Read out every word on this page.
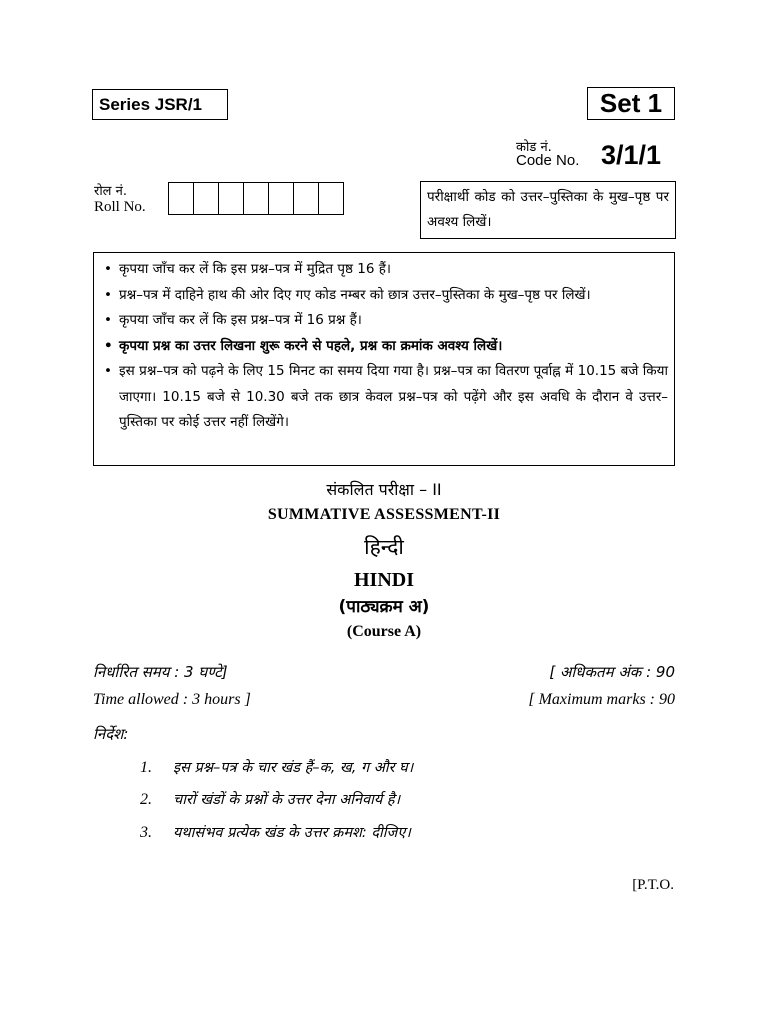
Series JSR/1	Set 1
कोड नं.
Code No. 3/1/1
रोल नं.
Roll No.
परीक्षार्थी कोड को उत्तर–पुस्तिका के मुख–पृष्ठ पर अवश्य लिखें।
• कृपया जाँच कर लें कि इस प्रश्न–पत्र में मुद्रित पृष्ठ 16 हैं।
• प्रश्न–पत्र में दाहिने हाथ की ओर दिए गए कोड नम्बर को छात्र उत्तर–पुस्तिका के मुख–पृष्ठ पर लिखें।
• कृपया जाँच कर लें कि इस प्रश्न–पत्र में 16 प्रश्न हैं।
• कृपया प्रश्न का उत्तर लिखना शुरू करने से पहले, प्रश्न का क्रमांक अवश्य लिखें।
• इस प्रश्न–पत्र को पढ़ने के लिए 15 मिनट का समय दिया गया है। प्रश्न–पत्र का वितरण पूर्वाह्न में 10.15 बजे किया जाएगा। 10.15 बजे से 10.30 बजे तक छात्र केवल प्रश्न–पत्र को पढ़ेंगे और इस अवधि के दौरान वे उत्तर–पुस्तिका पर कोई उत्तर नहीं लिखेंगे।
संकलित परीक्षा – II
SUMMATIVE ASSESSMENT-II
हिन्दी
HINDI
(पाठ्यक्रम अ)
(Course A)
निर्धारित समय : 3 घण्टे]
Time allowed : 3 hours ]
[ अधिकतम अंक : 90
[ Maximum marks : 90
निर्देश:
1. इस प्रश्न–पत्र के चार खंड हैं–क, ख, ग और घ।
2. चारों खंडों के प्रश्नों के उत्तर देना अनिवार्य है।
3. यथासंभव प्रत्येक खंड के उत्तर क्रमश: दीजिए।
[P.T.O.
